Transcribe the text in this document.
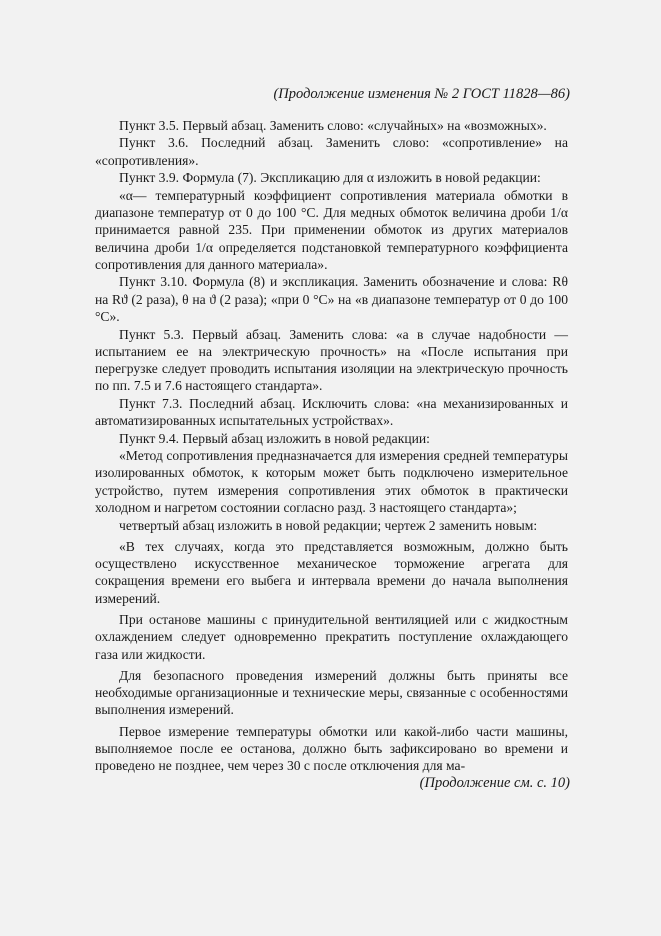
(Продолжение изменения № 2 ГОСТ 11828—86)

Пункт 3.5. Первый абзац. Заменить слово: «случайных» на «возможных».

Пункт 3.6. Последний абзац. Заменить слово: «сопротивление» на «сопротивления».

Пункт 3.9. Формула (7). Экспликацию для α изложить в новой редакции:

«α— температурный коэффициент сопротивления материала обмотки в диапазоне температур от 0 до 100 °С. Для медных обмоток величина дроби 1/α принимается равной 235. При применении обмоток из других материалов величина дроби 1/α определяется подстановкой температурного коэффициента сопротивления для данного материала».

Пункт 3.10. Формула (8) и экспликация. Заменить обозначение и слова: Rθ на Rϑ (2 раза), θ на ϑ (2 раза); «при 0 °С» на «в диапазоне температур от 0 до 100 °С».

Пункт 5.3. Первый абзац. Заменить слова: «а в случае надобности — испытанием ее на электрическую прочность» на «После испытания при перегрузке следует проводить испытания изоляции на электрическую прочность по пп. 7.5 и 7.6 настоящего стандарта».

Пункт 7.3. Последний абзац. Исключить слова: «на механизированных и автоматизированных испытательных устройствах».

Пункт 9.4. Первый абзац изложить в новой редакции:

«Метод сопротивления предназначается для измерения средней температуры изолированных обмоток, к которым может быть подключено измерительное устройство, путем измерения сопротивления этих обмоток в практически холодном и нагретом состоянии согласно разд. 3 настоящего стандарта»;

четвертый абзац изложить в новой редакции; чертеж 2 заменить новым:

«В тех случаях, когда это представляется возможным, должно быть осуществлено искусственное механическое торможение агрегата для сокращения времени его выбега и интервала времени до начала выполнения измерений.

При останове машины с принудительной вентиляцией или с жидкостным охлаждением следует одновременно прекратить поступление охлаждающего газа или жидкости.

Для безопасного проведения измерений должны быть приняты все необходимые организационные и технические меры, связанные с особенностями выполнения измерений.

Первое измерение температуры обмотки или какой-либо части машины, выполняемое после ее останова, должно быть зафиксировано во времени и проведено не позднее, чем через 30 с после отключения для ма-

(Продолжение см. с. 10)
